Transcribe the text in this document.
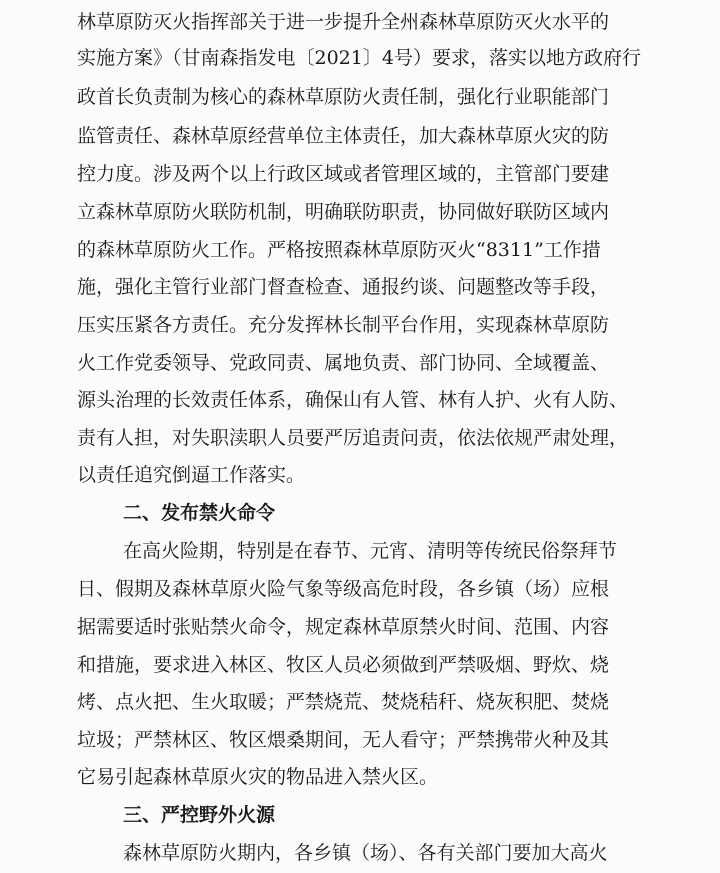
林草原防灭火指挥部关于进一步提升全州森林草原防灭火水平的
实施方案》（甘南森指发电〔2021〕4号）要求，落实以地方政府行
政首长负责制为核心的森林草原防火责任制，强化行业职能部门
监管责任、森林草原经营单位主体责任，加大森林草原火灾的防
控力度。涉及两个以上行政区域或者管理区域的，主管部门要建
立森林草原防火联防机制，明确联防职责，协同做好联防区域内
的森林草原防火工作。严格按照森林草原防灭火“8311”工作措
施，强化主管行业部门督查检查、通报约谈、问题整改等手段，
压实压紧各方责任。充分发挥林长制平台作用，实现森林草原防
火工作党委领导、党政同责、属地负责、部门协同、全域覆盖、
源头治理的长效责任体系，确保山有人管、林有人护、火有人防、
责有人担，对失职渎职人员要严厉追责问责，依法依规严肃处理，
以责任追究倒逼工作落实。
二、发布禁火命令
在高火险期，特别是在春节、元宵、清明等传统民俗祭拜节
日、假期及森林草原火险气象等级高危时段，各乡镇（场）应根
据需要适时张贴禁火命令，规定森林草原禁火时间、范围、内容
和措施，要求进入林区、牧区人员必须做到严禁吸烟、野炊、烧
烤、点火把、生火取暖；严禁烧荒、焚烧秸秆、烧灰积肥、焚烧
垃圾；严禁林区、牧区煨桑期间，无人看守；严禁携带火种及其
它易引起森林草原火灾的物品进入禁火区。
三、严控野外火源
森林草原防火期内，各乡镇（场）、各有关部门要加大高火
